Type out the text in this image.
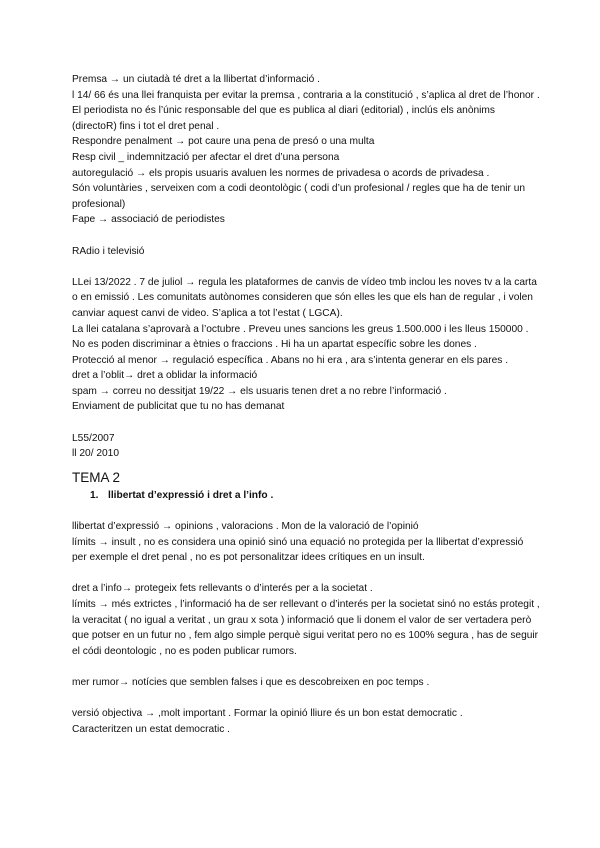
Premsa → un ciutadà té dret a la llibertat d’informació .

l 14/ 66 és una llei franquista per evitar la premsa , contraria a la constitució , s’aplica al dret de l’honor . El periodista no és l’únic responsable del que es publica al diari (editorial) , inclús els anònims (directoR) fins i tot el dret penal .

Respondre penalment → pot caure una pena de presó o una multa

Resp civil _ indemnització per afectar el dret d’una persona

autoregulació → els propis usuaris avaluen les normes de privadesa o acords de privadesa .

Són voluntàries , serveixen com a codi deontològic ( codi d’un profesional / regles que ha de tenir un profesional)

Fape → associació de periodistes

RAdio i televisió

LLei 13/2022 . 7 de juliol → regula les plataformes de canvis de vídeo tmb inclou les noves tv a la carta o en emissió . Les comunitats autònomes consideren que són elles les que els han de regular , i volen canviar aquest canvi de video. S’aplica a tot l’estat ( LGCA).

La llei catalana s’aprovarà a l’octubre . Preveu unes sancions les greus 1.500.000 i les lleus 150000 .

No es poden discriminar a ètnies o fraccions . Hi ha un apartat específic sobre les dones .

Protecció al menor → regulació específica . Abans no hi era , ara s’intenta generar en els pares .

dret a l’oblit→ dret a oblidar la informació

spam → correu no dessitjat 19/22 → els usuaris tenen dret a no rebre l’informació .

Enviament de publicitat que tu no has demanat

L55/2007

ll 20/ 2010

TEMA 2

1. llibertat d’expressió i dret a l’info .

llibertat d’expressió → opinions , valoracions . Mon de la valoració de l’opinió

límits → insult , no es considera una opinió sinó una equació no protegida per la llibertat d’expressió per exemple el dret penal , no es pot personalitzar idees crítiques en un insult.

dret a l’info→ protegeix fets rellevants o d’interés per a la societat .

límits → més extrictes , l’informació ha de ser rellevant o d’interés per la societat sinó no estás protegit , la veracitat ( no igual a veritat , un grau x sota ) informació que li donem el valor de ser vertadera però que potser en un futur no , fem algo simple perquè sigui veritat pero no es 100% segura , has de seguir el códi deontologic , no es poden publicar rumors.

mer rumor→ notícies que semblen falses i que es descobreixen en poc temps .

versió objectiva → ,molt important . Formar la opinió lliure és un bon estat democratic .

Caracteritzen un estat democratic .
